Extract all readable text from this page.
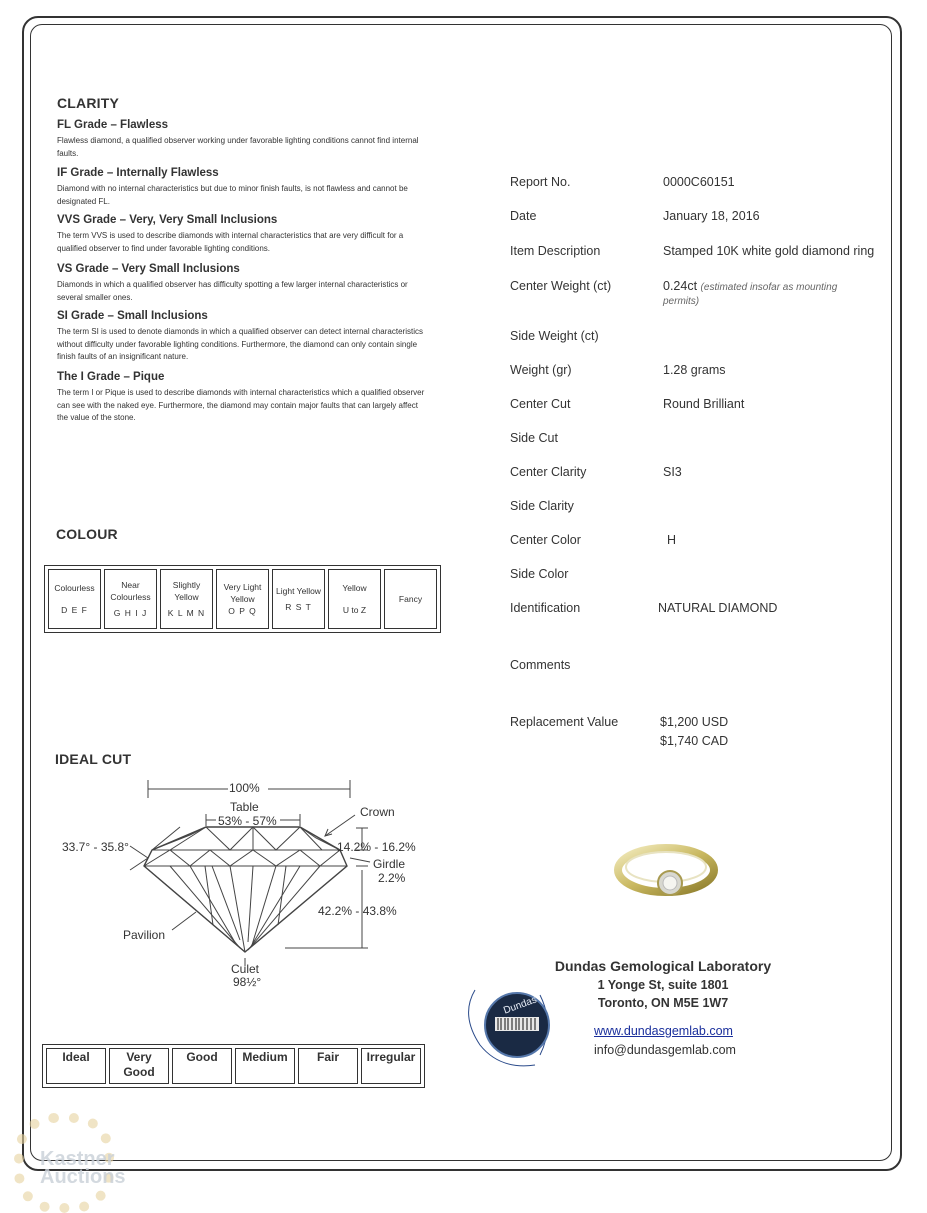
CLARITY
FL Grade – Flawless

Flawless diamond, a qualified observer working under favorable lighting conditions cannot find internal faults.

IF Grade – Internally Flawless

Diamond with no internal characteristics but due to minor finish faults, is not flawless and cannot be designated FL.

VVS Grade – Very, Very Small Inclusions

The term VVS is used to describe diamonds with internal characteristics that are very difficult for a qualified observer to find under favorable lighting conditions.

VS Grade – Very Small Inclusions

Diamonds in which a qualified observer has difficulty spotting a few larger internal characteristics or several smaller ones.

SI Grade – Small Inclusions

The term SI is used to denote diamonds in which a qualified observer can detect internal characteristics without difficulty under favorable lighting conditions. Furthermore, the diamond can only contain single finish faults of an insignificant nature.

The I Grade – Pique

The term I or Pique is used to describe diamonds with internal characteristics which a qualified observer can see with the naked eye. Furthermore, the diamond may contain major faults that can largely affect the value of the stone.

COLOUR
Colourless
D E F

Near Colourless
G H I J

Slightly Yellow
K L M N

Very Light Yellow
O P Q

Light Yellow
R S T

Yellow
U to Z

Fancy
IDEAL CUT
100%
Table
53% - 57%
Crown
33.7° - 35.8°	14.2% - 16.2%
Girdle
2.2%
42.2% - 43.8%
Pavilion
Culet
98½°
Ideal	Very Good	Good	Medium	Fair	Irregular
Report No.	0000C60151
Date	January 18, 2016
Item Description	Stamped 10K white gold diamond ring
Center Weight (ct)	0.24ct (estimated insofar as mounting permits)
Side Weight (ct)
Weight (gr)	1.28 grams
Center Cut	Round Brilliant
Side Cut
Center Clarity	SI3
Side Clarity
Center Color	H
Side Color
Identification	NATURAL DIAMOND
Comments
Replacement Value	$1,200 USD
$1,740 CAD
Dundas Gemological Laboratory
1 Yonge St, suite 1801
Toronto, ON M5E 1W7
www.dundasgemlab.com
info@dundasgemlab.com
Dundas
Kastner Auctions
